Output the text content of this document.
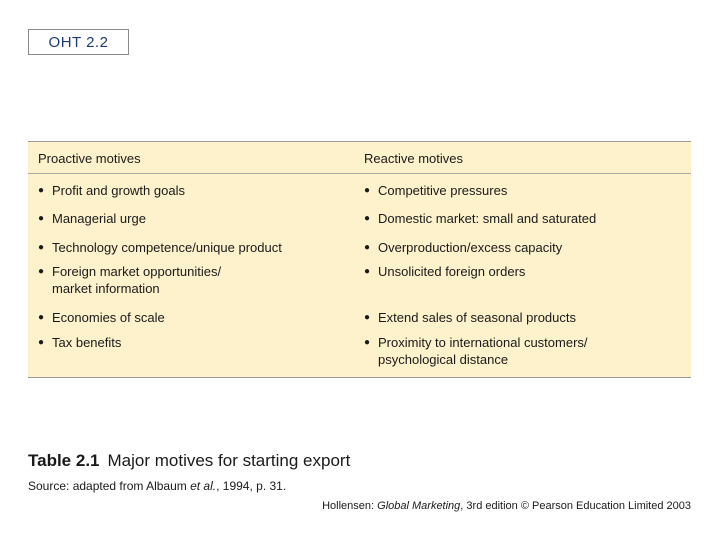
OHT 2.2
Proactive motives	Reactive motives
● Profit and growth goals
● Managerial urge
● Technology competence/unique product
● Foreign market opportunities/
market information
● Economies of scale
● Tax benefits
● Competitive pressures
● Domestic market: small and saturated
● Overproduction/excess capacity
● Unsolicited foreign orders
● Extend sales of seasonal products
● Proximity to international customers/
psychological distance
Table 2.1 Major motives for starting export
Source: adapted from Albaum et al., 1994, p. 31.
Hollensen: Global Marketing, 3rd edition © Pearson Education Limited 2003
